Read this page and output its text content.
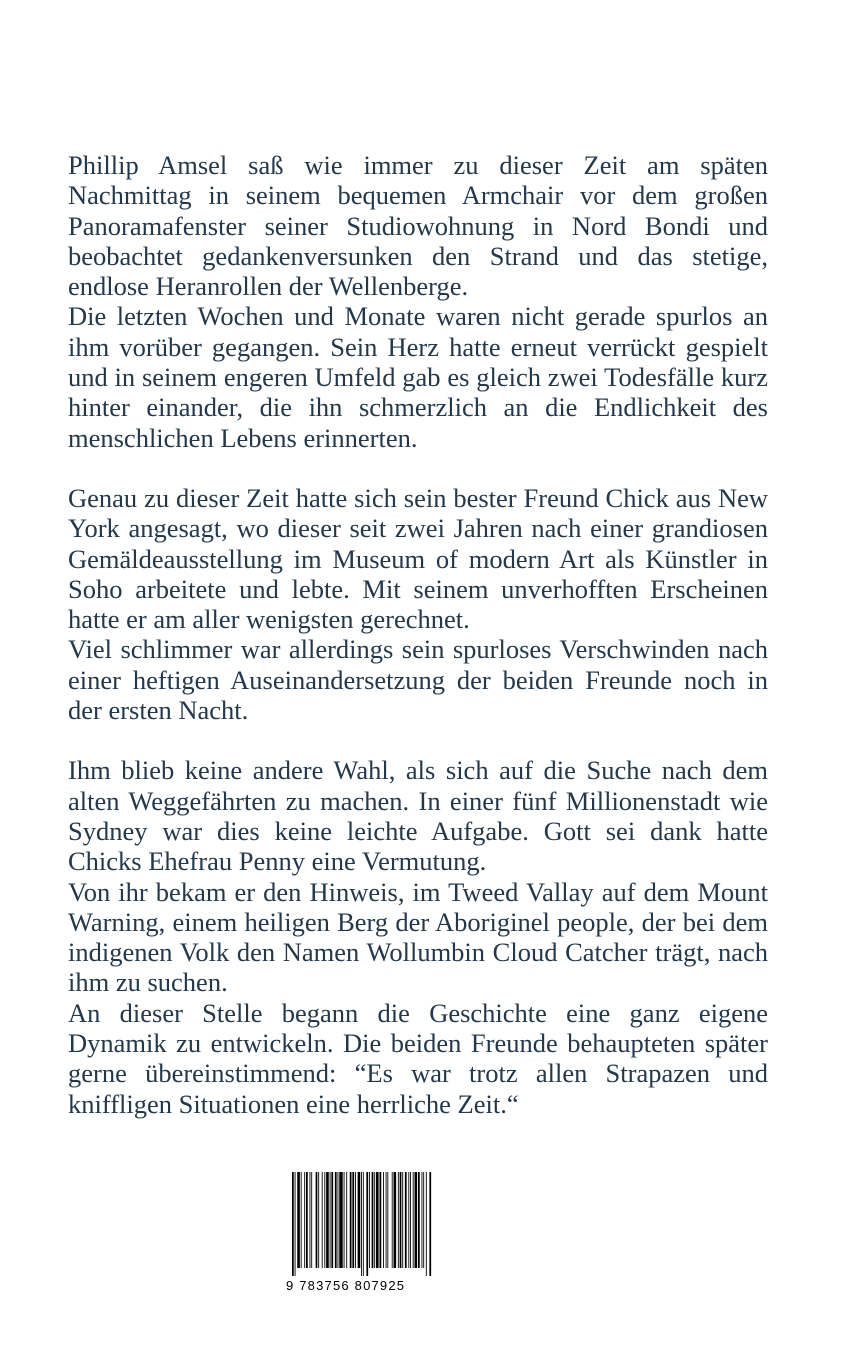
Phillip Amsel saß wie immer zu dieser Zeit am späten Nachmittag in seinem bequemen Armchair vor dem großen Panoramafenster seiner Studiowohnung in Nord Bondi und beobachtet gedankenversunken den Strand und das stetige, endlose Heranrollen der Wellenberge.

Die letzten Wochen und Monate waren nicht gerade spurlos an ihm vorüber gegangen. Sein Herz hatte erneut verrückt gespielt und in seinem engeren Umfeld gab es gleich zwei Todesfälle kurz hinter einander, die ihn schmerzlich an die Endlichkeit des menschlichen Lebens erinnerten.

Genau zu dieser Zeit hatte sich sein bester Freund Chick aus New York angesagt, wo dieser seit zwei Jahren nach einer grandiosen Gemäldeausstellung im Museum of modern Art als Künstler in Soho arbeitete und lebte. Mit seinem unverhofften Erscheinen hatte er am aller wenigsten gerechnet.

Viel schlimmer war allerdings sein spurloses Verschwinden nach einer heftigen Auseinandersetzung der beiden Freunde noch in der ersten Nacht.

Ihm blieb keine andere Wahl, als sich auf die Suche nach dem alten Weggefährten zu machen. In einer fünf Millionenstadt wie Sydney war dies keine leichte Aufgabe. Gott sei dank hatte Chicks Ehefrau Penny eine Vermutung.

Von ihr bekam er den Hinweis, im Tweed Vallay auf dem Mount Warning, einem heiligen Berg der Aboriginel people, der bei dem indigenen Volk den Namen Wollumbin Cloud Catcher trägt, nach ihm zu suchen.

An dieser Stelle begann die Geschichte eine ganz eigene Dynamik zu entwickeln. Die beiden Freunde behaupteten später gerne übereinstimmend: “Es war trotz allen Strapazen und kniffligen Situationen eine herrliche Zeit.“

9 783756 807925
